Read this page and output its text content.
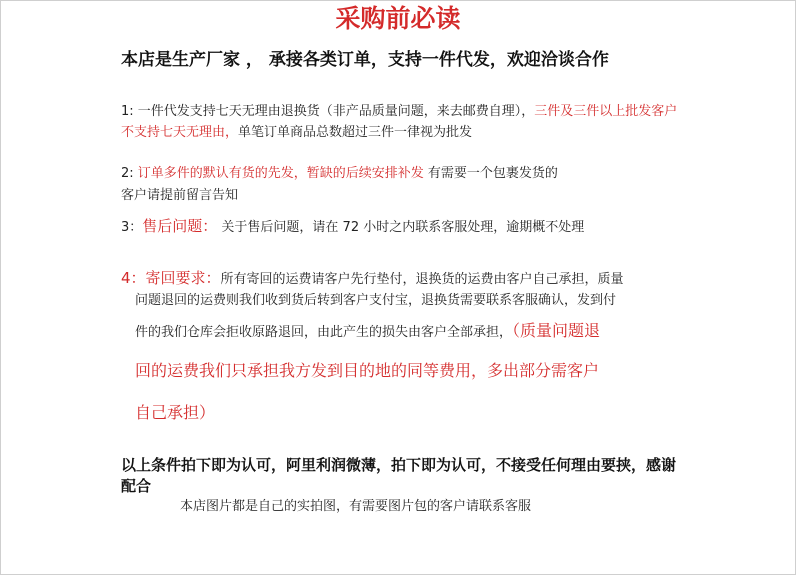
采购前必读
本店是生产厂家 ， 承接各类订单，支持一件代发，欢迎洽谈合作
1: 一件代发支持七天无理由退换货（非产品质量问题，来去邮费自理），三件及三件以上批发客户不支持七天无理由，单笔订单商品总数超过三件一律视为批发
2: 订单多件的默认有货的先发，暂缺的后续安排补发 有需要一个包裹发货的
客户请提前留言告知
3：售后问题： 关于售后问题，请在 72 小时之内联系客服处理，逾期概不处理
4：寄回要求：所有寄回的运费请客户先行垫付，退换货的运费由客户自己承担，质量
问题退回的运费则我们收到货后转到客户支付宝，退换货需要联系客服确认，发到付
件的我们仓库会拒收原路退回，由此产生的损失由客户全部承担，（质量问题退
回的运费我们只承担我方发到目的地的同等费用，多出部分需客户
自己承担）
以上条件拍下即为认可，阿里利润微薄，拍下即为认可，不接受任何理由要挟，感谢配合
本店图片都是自己的实拍图，有需要图片包的客户请联系客服
